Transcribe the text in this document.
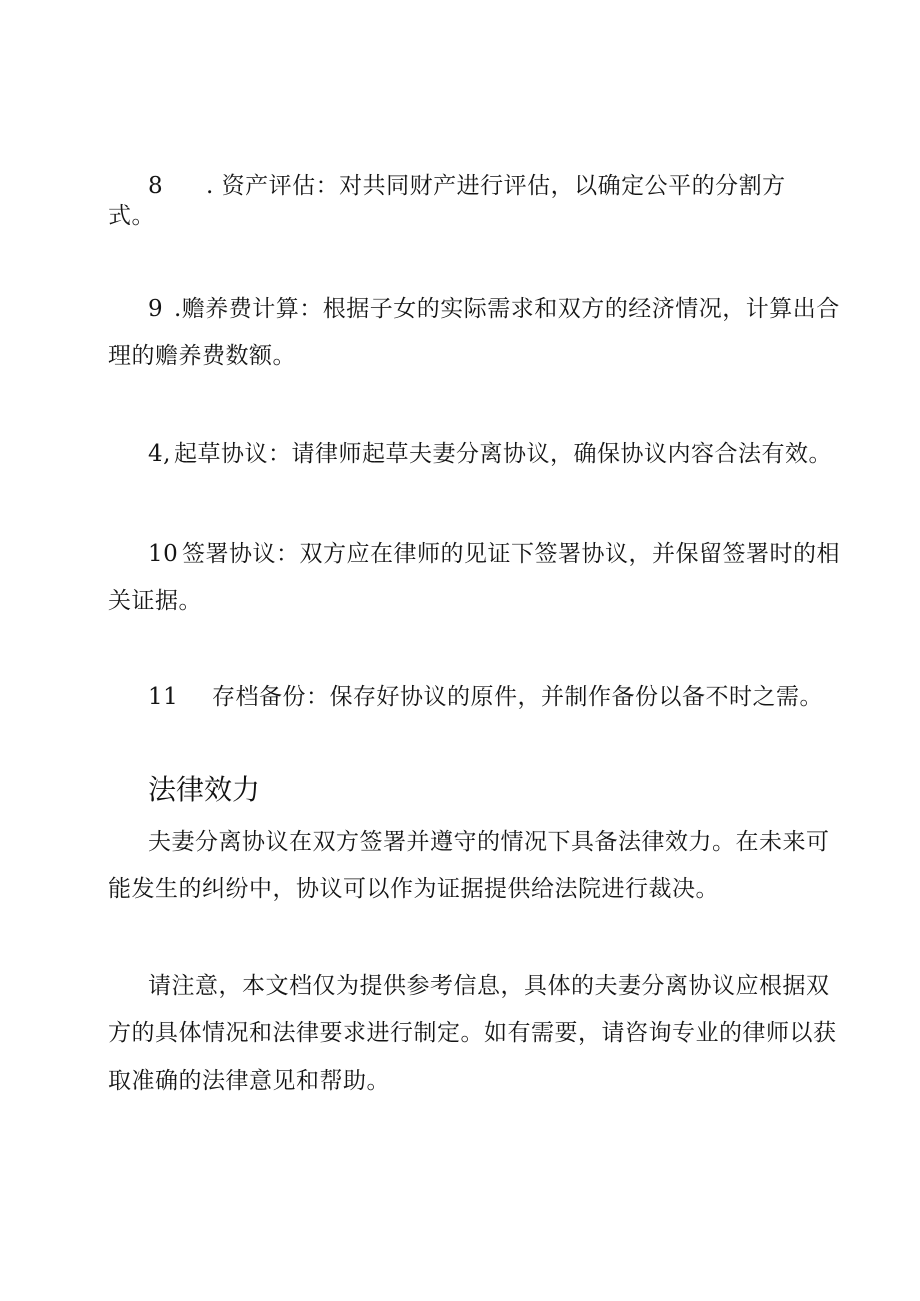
8 . 资产评估：对共同财产进行评估，以确定公平的分割方
式。
9 .赡养费计算：根据子女的实际需求和双方的经济情况，计算出合
理的赡养费数额。
4, 起草协议：请律师起草夫妻分离协议，确保协议内容合法有效。
10 签署协议：双方应在律师的见证下签署协议，并保留签署时的相
关证据。
11 存档备份：保存好协议的原件，并制作备份以备不时之需。
法律效力
夫妻分离协议在双方签署并遵守的情况下具备法律效力。在未来可
能发生的纠纷中，协议可以作为证据提供给法院进行裁决。
请注意，本文档仅为提供参考信息，具体的夫妻分离协议应根据双
方的具体情况和法律要求进行制定。如有需要，请咨询专业的律师以获
取准确的法律意见和帮助。
